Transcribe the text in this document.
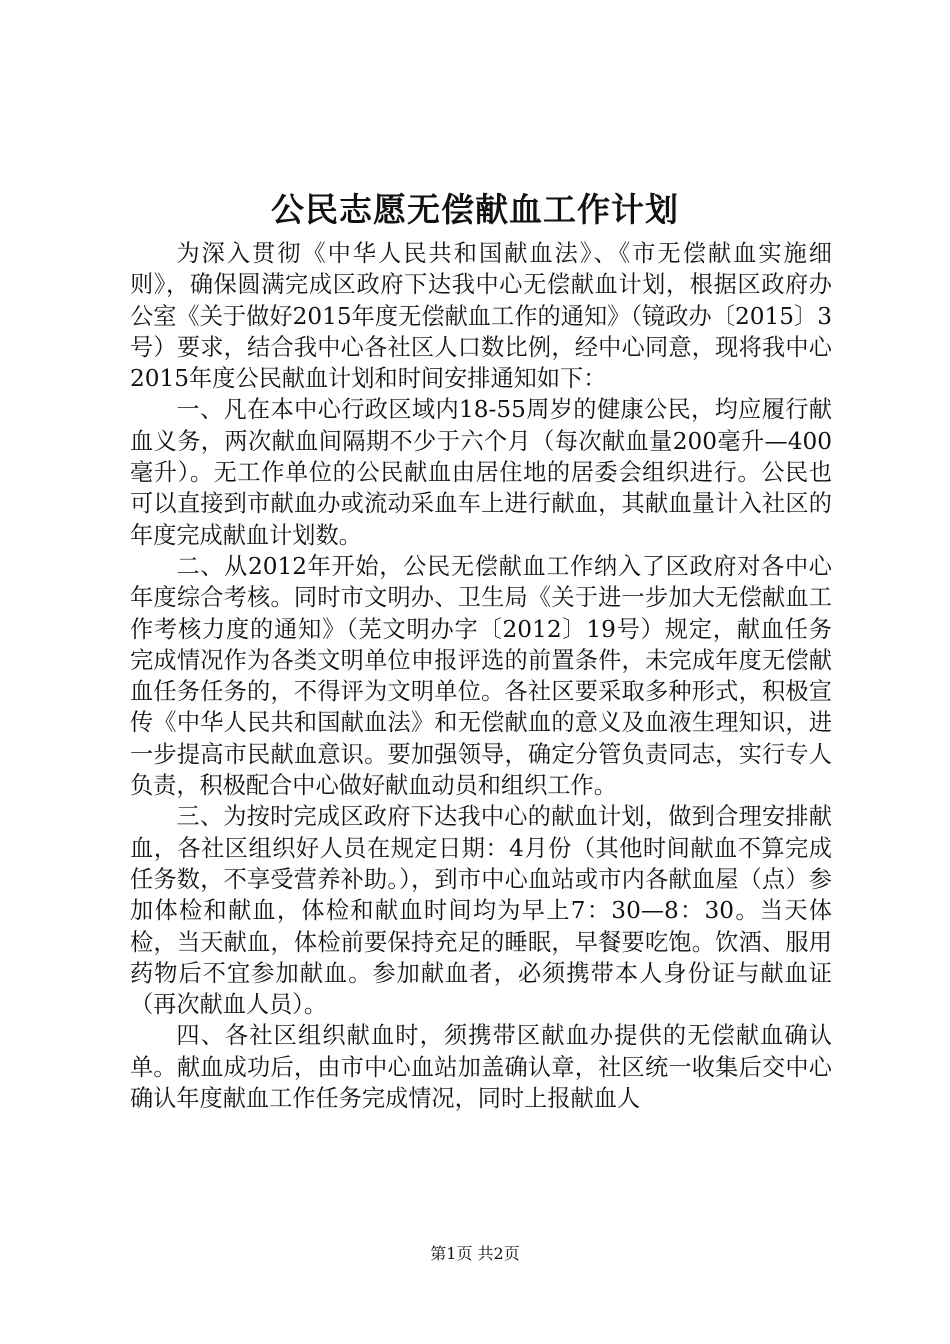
公民志愿无偿献血工作计划

为深入贯彻《中华人民共和国献血法》、《市无偿献血实施细则》，确保圆满完成区政府下达我中心无偿献血计划，根据区政府办公室《关于做好2015年度无偿献血工作的通知》（镜政办〔2015〕3号）要求，结合我中心各社区人口数比例，经中心同意，现将我中心2015年度公民献血计划和时间安排通知如下：

一、凡在本中心行政区域内18-55周岁的健康公民，均应履行献血义务，两次献血间隔期不少于六个月（每次献血量200毫升—400毫升）。无工作单位的公民献血由居住地的居委会组织进行。公民也可以直接到市献血办或流动采血车上进行献血，其献血量计入社区的年度完成献血计划数。

二、从2012年开始，公民无偿献血工作纳入了区政府对各中心年度综合考核。同时市文明办、卫生局《关于进一步加大无偿献血工作考核力度的通知》（芜文明办字〔2012〕19号）规定，献血任务完成情况作为各类文明单位申报评选的前置条件，未完成年度无偿献血任务任务的，不得评为文明单位。各社区要采取多种形式，积极宣传《中华人民共和国献血法》和无偿献血的意义及血液生理知识，进一步提高市民献血意识。要加强领导，确定分管负责同志，实行专人负责，积极配合中心做好献血动员和组织工作。

三、为按时完成区政府下达我中心的献血计划，做到合理安排献血，各社区组织好人员在规定日期：4月份（其他时间献血不算完成任务数，不享受营养补助。），到市中心血站或市内各献血屋（点）参加体检和献血，体检和献血时间均为早上7：30—8：30。当天体检，当天献血，体检前要保持充足的睡眠，早餐要吃饱。饮酒、服用药物后不宜参加献血。参加献血者，必须携带本人身份证与献血证（再次献血人员）。

四、各社区组织献血时，须携带区献血办提供的无偿献血确认单。献血成功后，由市中心血站加盖确认章，社区统一收集后交中心确认年度献血工作任务完成情况，同时上报献血人

第1页 共2页
